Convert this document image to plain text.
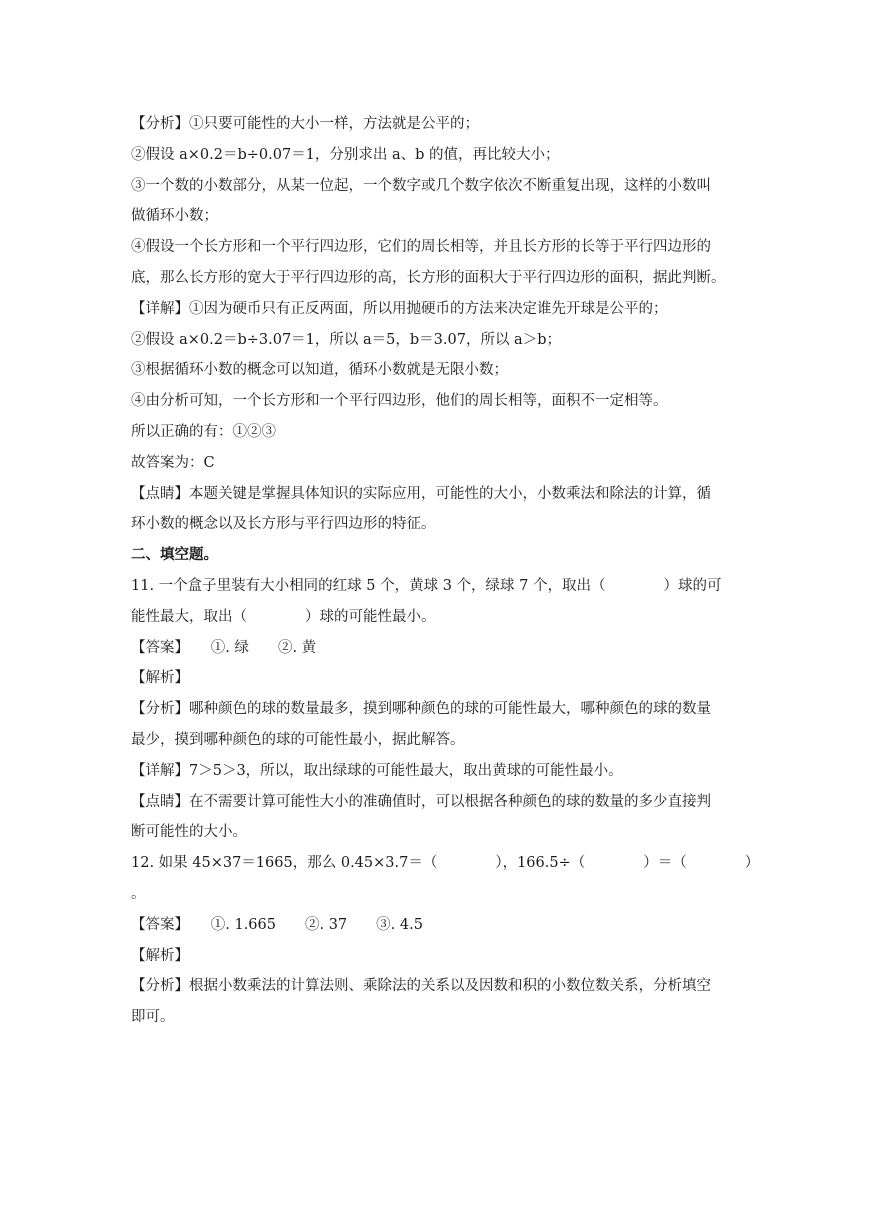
【分析】①只要可能性的大小一样，方法就是公平的；
②假设 a×0.2＝b÷0.07＝1，分别求出 a、b 的值，再比较大小；
③一个数的小数部分，从某一位起，一个数字或几个数字依次不断重复出现，这样的小数叫
做循环小数；
④假设一个长方形和一个平行四边形，它们的周长相等，并且长方形的长等于平行四边形的
底，那么长方形的宽大于平行四边形的高，长方形的面积大于平行四边形的面积，据此判断。
【详解】①因为硬币只有正反两面，所以用抛硬币的方法来决定谁先开球是公平的；
②假设 a×0.2＝b÷3.07＝1，所以 a＝5，b＝3.07，所以 a＞b；
③根据循环小数的概念可以知道，循环小数就是无限小数；
④由分析可知，一个长方形和一个平行四边形，他们的周长相等，面积不一定相等。
所以正确的有：①②③
故答案为：C
【点睛】本题关键是掌握具体知识的实际应用，可能性的大小，小数乘法和除法的计算，循
环小数的概念以及长方形与平行四边形的特征。
二、填空题。
11. 一个盒子里装有大小相同的红球 5 个，黄球 3 个，绿球 7 个，取出（　　　　）球的可
能性最大，取出（　　　　）球的可能性最小。
【答案】　　①. 绿　　②. 黄
【解析】
【分析】哪种颜色的球的数量最多，摸到哪种颜色的球的可能性最大，哪种颜色的球的数量
最少，摸到哪种颜色的球的可能性最小，据此解答。
【详解】7＞5＞3，所以，取出绿球的可能性最大，取出黄球的可能性最小。
【点睛】在不需要计算可能性大小的准确值时，可以根据各种颜色的球的数量的多少直接判
断可能性的大小。
12. 如果 45×37＝1665，那么 0.45×3.7＝（　　　　），166.5÷（　　　　）＝（　　　　）
。
【答案】　　①. 1.665　　②. 37　　③. 4.5
【解析】
【分析】根据小数乘法的计算法则、乘除法的关系以及因数和积的小数位数关系，分析填空
即可。
